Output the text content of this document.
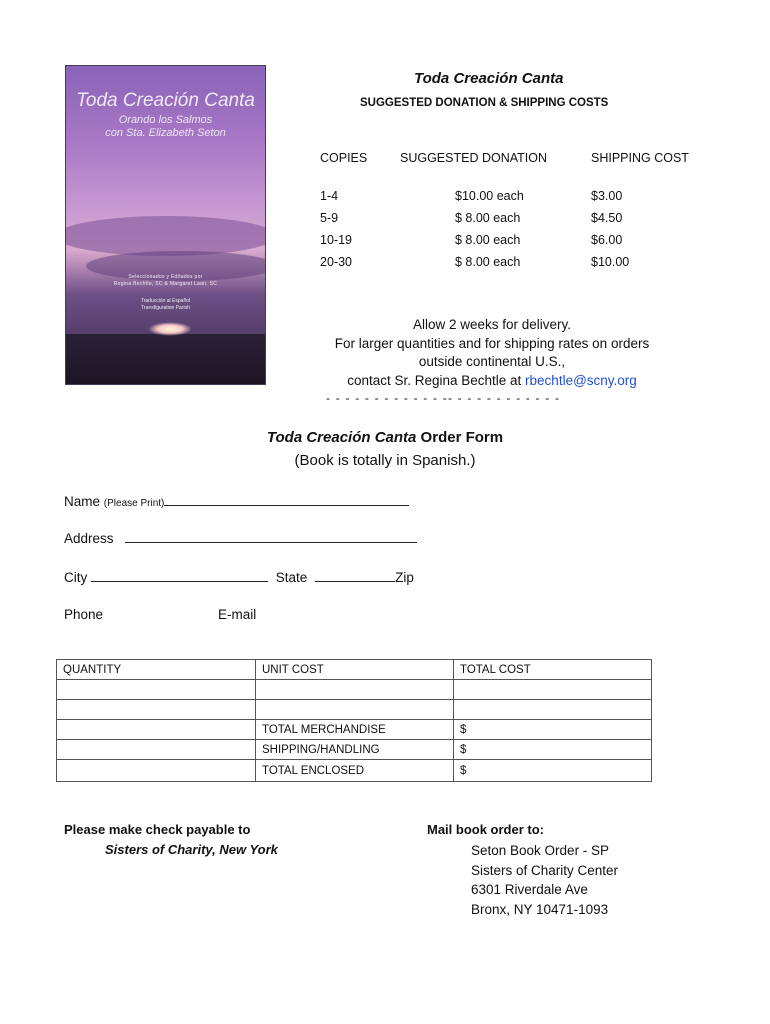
Toda Creación Canta
Orando los Salmos
con Sta. Elizabeth Seton
Seleccionados y Editados por
Regina Bechtle, SC & Margaret Laan, SC
Traducción al Español
Transfiguration Parish
Toda Creación Canta
SUGGESTED DONATION & SHIPPING COSTS
COPIES	SUGGESTED DONATION	SHIPPING COST
1-4	$10.00 each	$3.00
5-9	$ 8.00 each	$4.50
10-19	$ 8.00 each	$6.00
20-30	$ 8.00 each	$10.00
Allow 2 weeks for delivery.
For larger quantities and for shipping rates on orders
outside continental U.S.,
contact Sr. Regina Bechtle at rbechtle@scny.org
- - - - - - - - - - - - -- - - - - - - - - - - -
Toda Creación Canta Order Form
(Book is totally in Spanish.)
Name (Please Print)
Address
City	State	Zip
Phone	E-mail
QUANTITY	UNIT COST	TOTAL COST

	TOTAL MERCHANDISE	$
	SHIPPING/HANDLING	$
	TOTAL ENCLOSED	$
Please make check payable to
Sisters of Charity, New York
Mail book order to:
Seton Book Order - SP
Sisters of Charity Center
6301 Riverdale Ave
Bronx, NY 10471-1093
